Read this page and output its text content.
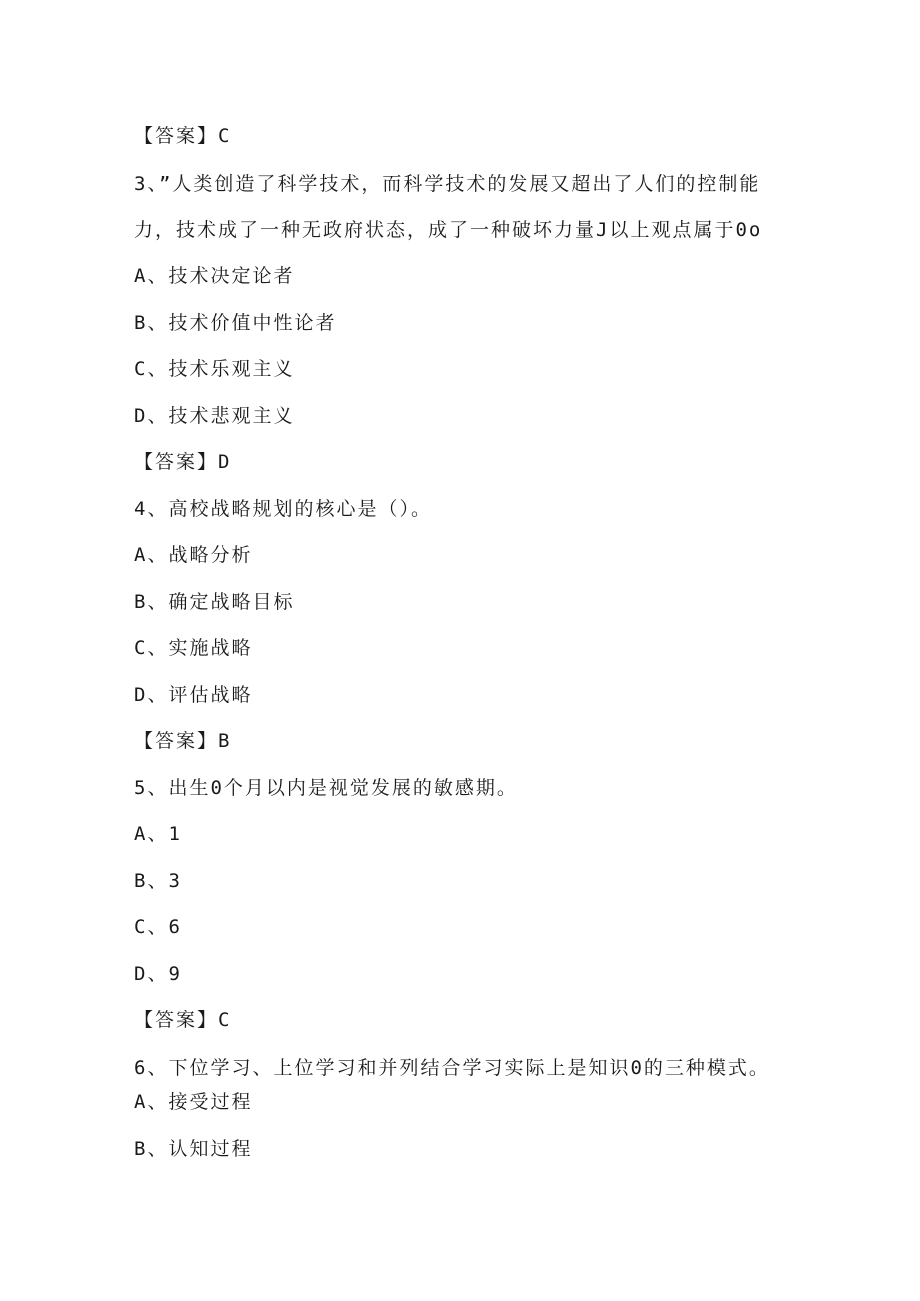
【答案】C
3、”人类创造了科学技术，而科学技术的发展又超出了人们的控制能
力，技术成了一种无政府状态，成了一种破坏力量J以上观点属于0o
A、技术决定论者
B、技术价值中性论者
C、技术乐观主义
D、技术悲观主义
【答案】D
4、高校战略规划的核心是（）。
A、战略分析
B、确定战略目标
C、实施战略
D、评估战略
【答案】B
5、出生0个月以内是视觉发展的敏感期。
A、1
B、3
C、6
D、9
【答案】C
6、下位学习、上位学习和并列结合学习实际上是知识0的三种模式。
A、接受过程
B、认知过程
